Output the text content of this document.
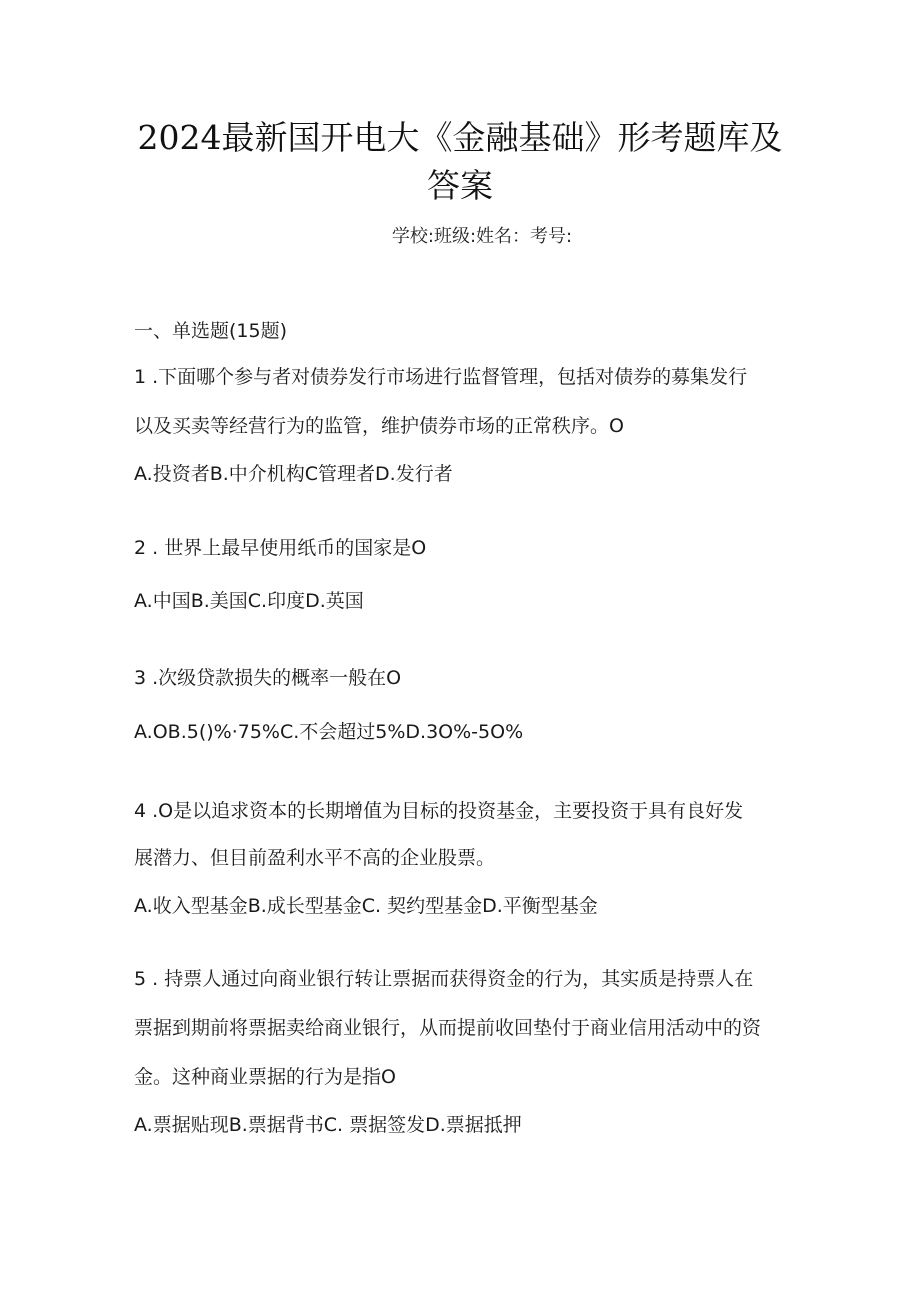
2024最新国开电大《金融基础》形考题库及
答案
学校:班级:姓名：考号:
一、单选题(15题)
1 .下面哪个参与者对债券发行市场进行监督管理，包括对债券的募集发行
以及买卖等经营行为的监管，维护债券市场的正常秩序。O
A.投资者B.中介机构C管理者D.发行者
2 . 世界上最早使用纸币的国家是O
A.中国B.美国C.印度D.英国
3 .次级贷款损失的概率一般在O
A.OB.5()%·75%C.不会超过5%D.3O%-5O%
4 .O是以追求资本的长期增值为目标的投资基金，主要投资于具有良好发
展潜力、但目前盈利水平不高的企业股票。
A.收入型基金B.成长型基金C. 契约型基金D.平衡型基金
5 . 持票人通过向商业银行转让票据而获得资金的行为，其实质是持票人在
票据到期前将票据卖给商业银行，从而提前收回垫付于商业信用活动中的资
金。这种商业票据的行为是指O
A.票据贴现B.票据背书C. 票据签发D.票据抵押
